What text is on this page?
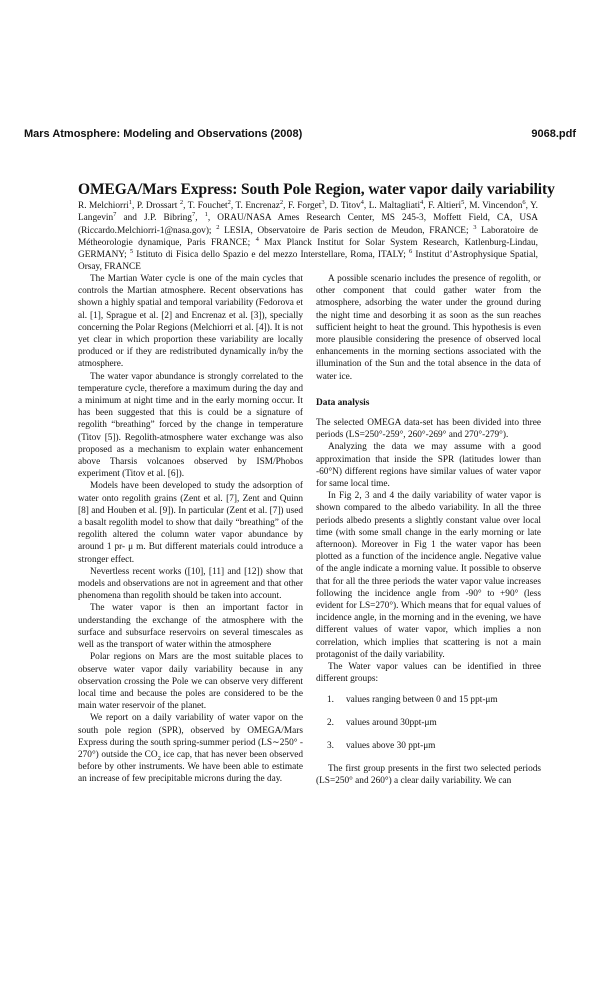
Mars Atmosphere: Modeling and Observations (2008)	9068.pdf
OMEGA/Mars Express: South Pole Region, water vapor daily variability
R. Melchiorri$^1$, P. Drossart $^2$, T. Fouchet$^2$, T. Encrenaz$^2$, F. Forget$^3$, D. Titov$^4$, L. Maltagliati$^4$, F. Altieri$^5$, M. Vincendon$^6$, Y. Langevin$^7$ and J.P. Bibring$^7$, $^1$, ORAU/NASA Ames Research Center, MS 245-3, Moffett Field, CA, USA (Riccardo.Melchiorri-1@nasa.gov); $^2$ LESIA, Observatoire de Paris section de Meudon, FRANCE; $^3$ Laboratoire de Métheorologie dynamique, Paris FRANCE; $^4$ Max Planck Institut for Solar System Research, Katlenburg-Lindau, GERMANY; $^5$ Istituto di Fisica dello Spazio e del mezzo Interstellare, Roma, ITALY; $^6$ Institut d’Astrophysique Spatial, Orsay, FRANCE

The Martian Water cycle is one of the main cycles that controls the Martian atmosphere. Recent observations has shown a highly spatial and temporal variability (Fedorova et al. [1], Sprague et al. [2] and Encrenaz et al. [3]), specially concerning the Polar Regions (Melchiorri et al. [4]). It is not yet clear in which proportion these variability are locally produced or if they are redistributed dynamically in/by the atmosphere.

The water vapor abundance is strongly correlated to the temperature cycle, therefore a maximum during the day and a minimum at night time and in the early morning occur. It has been suggested that this is could be a signature of regolith “breathing” forced by the change in temperature (Titov [5]). Regolith-atmosphere water exchange was also proposed as a mechanism to explain water enhancement above Tharsis volcanoes observed by ISM/Phobos experiment (Titov et al. [6]).

Models have been developed to study the adsorption of water onto regolith grains (Zent et al. [7], Zent and Quinn [8] and Houben et al. [9]). In particular (Zent et al. [7]) used a basalt regolith model to show that daily “breathing” of the regolith altered the column water vapor abundance by around 1 pr- μ m. But different materials could introduce a stronger effect.

Nevertless recent works ([10], [11] and [12]) show that models and observations are not in agreement and that other phenomena than regolith should be taken into account.

The water vapor is then an important factor in understanding the exchange of the atmosphere with the surface and subsurface reservoirs on several timescales as well as the transport of water within the atmosphere

Polar regions on Mars are the most suitable places to observe water vapor daily variability because in any observation crossing the Pole we can observe very different local time and because the poles are considered to be the main water reservoir of the planet.

We report on a daily variability of water vapor on the south pole region (SPR), observed by OMEGA/Mars Express during the south spring-summer period (LS∼250° - 270°) outside the $CO_2$ ice cap, that has never been observed before by other instruments. We have been able to estimate an increase of few precipitable microns during the day.

A possible scenario includes the presence of regolith, or other component that could gather water from the atmosphere, adsorbing the water under the ground during the night time and desorbing it as soon as the sun reaches sufficient height to heat the ground. This hypothesis is even more plausible considering the presence of observed local enhancements in the morning sections associated with the illumination of the Sun and the total absence in the data of water ice.

Data analysis

The selected OMEGA data-set has been divided into three periods (LS=250°-259°, 260°-269° and 270°-279°).

Analyzing the data we may assume with a good approximation that inside the SPR (latitudes lower than -60°N) different regions have similar values of water vapor for same local time.

In Fig 2, 3 and 4 the daily variability of water vapor is shown compared to the albedo variability. In all the three periods albedo presents a slightly constant value over local time (with some small change in the early morning or late afternoon). Moreover in Fig 1 the water vapor has been plotted as a function of the incidence angle. Negative value of the angle indicate a morning value. It possible to observe that for all the three periods the water vapor value increases following the incidence angle from -90° to +90° (less evident for LS=270°). Which means that for equal values of incidence angle, in the morning and in the evening, we have different values of water vapor, which implies a non correlation, which implies that scattering is not a main protagonist of the daily variability.

The Water vapor values can be identified in three different groups:

1. values ranging between 0 and 15 ppt-μm
2. values around 30ppt-μm
3. values above 30 ppt-μm

The first group presents in the first two selected periods (LS=250° and 260°) a clear daily variability. We can
